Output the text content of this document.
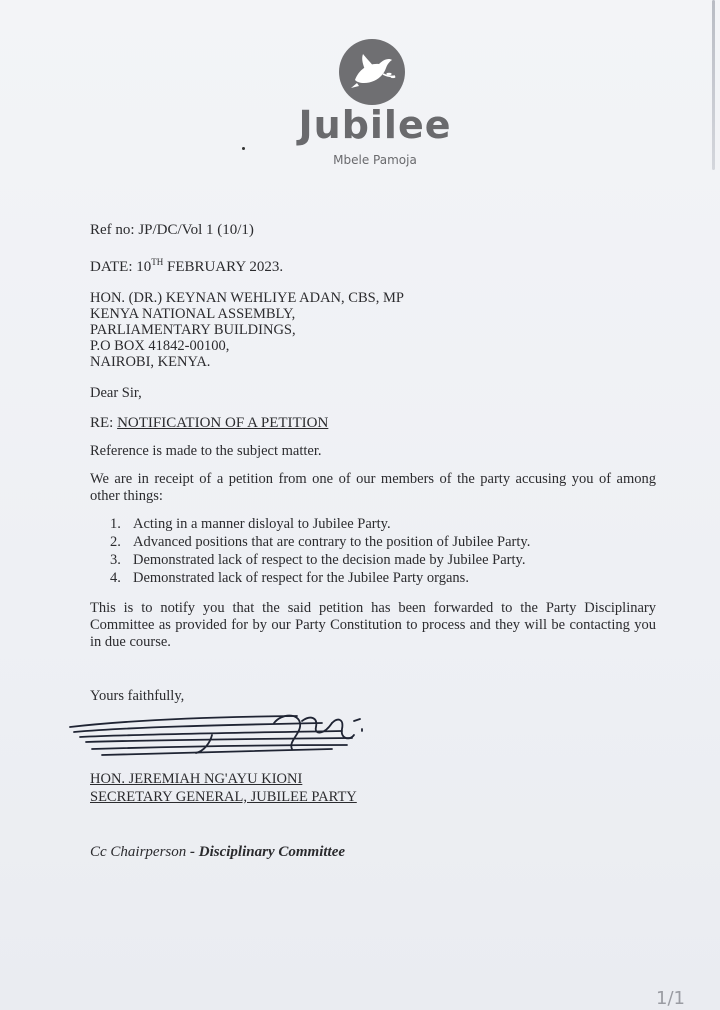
Jubilee
Mbele Pamoja
Ref no: JP/DC/Vol 1 (10/1)
DATE: 10TH FEBRUARY 2023.
HON. (DR.) KEYNAN WEHLIYE ADAN, CBS, MP
KENYA NATIONAL ASSEMBLY,
PARLIAMENTARY BUILDINGS,
P.O BOX 41842-00100,
NAIROBI, KENYA.
Dear Sir,
RE: NOTIFICATION OF A PETITION
Reference is made to the subject matter.
We are in receipt of a petition from one of our members of the party accusing you of among other things:
1. Acting in a manner disloyal to Jubilee Party.
2. Advanced positions that are contrary to the position of Jubilee Party.
3. Demonstrated lack of respect to the decision made by Jubilee Party.
4. Demonstrated lack of respect for the Jubilee Party organs.
This is to notify you that the said petition has been forwarded to the Party Disciplinary Committee as provided for by our Party Constitution to process and they will be contacting you in due course.
Yours faithfully,
HON. JEREMIAH NG'AYU KIONI
SECRETARY GENERAL, JUBILEE PARTY
Cc Chairperson - Disciplinary Committee
1/1
